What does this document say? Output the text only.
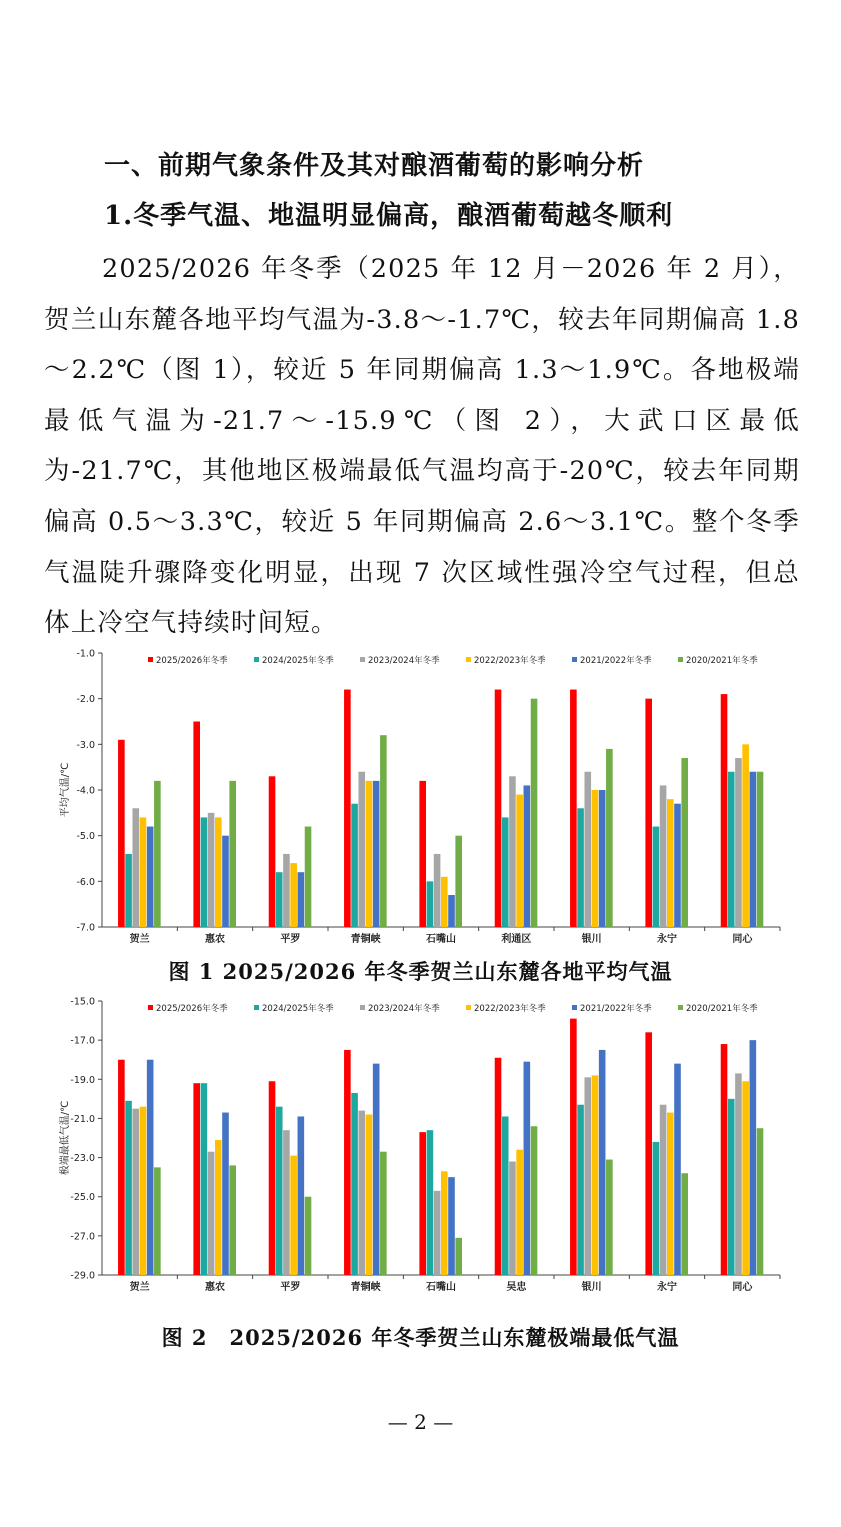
一、前期气象条件及其对酿酒葡萄的影响分析

1.冬季气温、地温明显偏高，酿酒葡萄越冬顺利

2025/2026 年冬季（2025 年 12 月－2026 年 2 月），贺兰山东麓各地平均气温为-3.8～-1.7℃，较去年同期偏高 1.8～2.2℃（图 1），较近 5 年同期偏高 1.3～1.9℃。各地极端最低气温为-21.7～-15.9℃（图 2），大武口区最低为-21.7℃，其他地区极端最低气温均高于-20℃，较去年同期偏高 0.5～3.3℃，较近 5 年同期偏高 2.6～3.1℃。整个冬季气温陡升骤降变化明显，出现 7 次区域性强冷空气过程，但总体上冷空气持续时间短。

-1.0
-2.0
-3.0
-4.0
-5.0
-6.0
-7.0
平均气温/℃
贺兰	惠农	平罗	青铜峡	石嘴山	利通区	银川	永宁	同心
2025/2026年冬季	2024/2025年冬季	2023/2024年冬季	2022/2023年冬季	2021/2022年冬季	2020/2021年冬季

图 1 2025/2026 年冬季贺兰山东麓各地平均气温

-15.0
-17.0
-19.0
-21.0
-23.0
-25.0
-27.0
-29.0
极端最低气温/℃
贺兰	惠农	平罗	青铜峡	石嘴山	吴忠	银川	永宁	同心
2025/2026年冬季	2024/2025年冬季	2023/2024年冬季	2022/2023年冬季	2021/2022年冬季	2020/2021年冬季

图 2　2025/2026 年冬季贺兰山东麓极端最低气温

— 2 —
